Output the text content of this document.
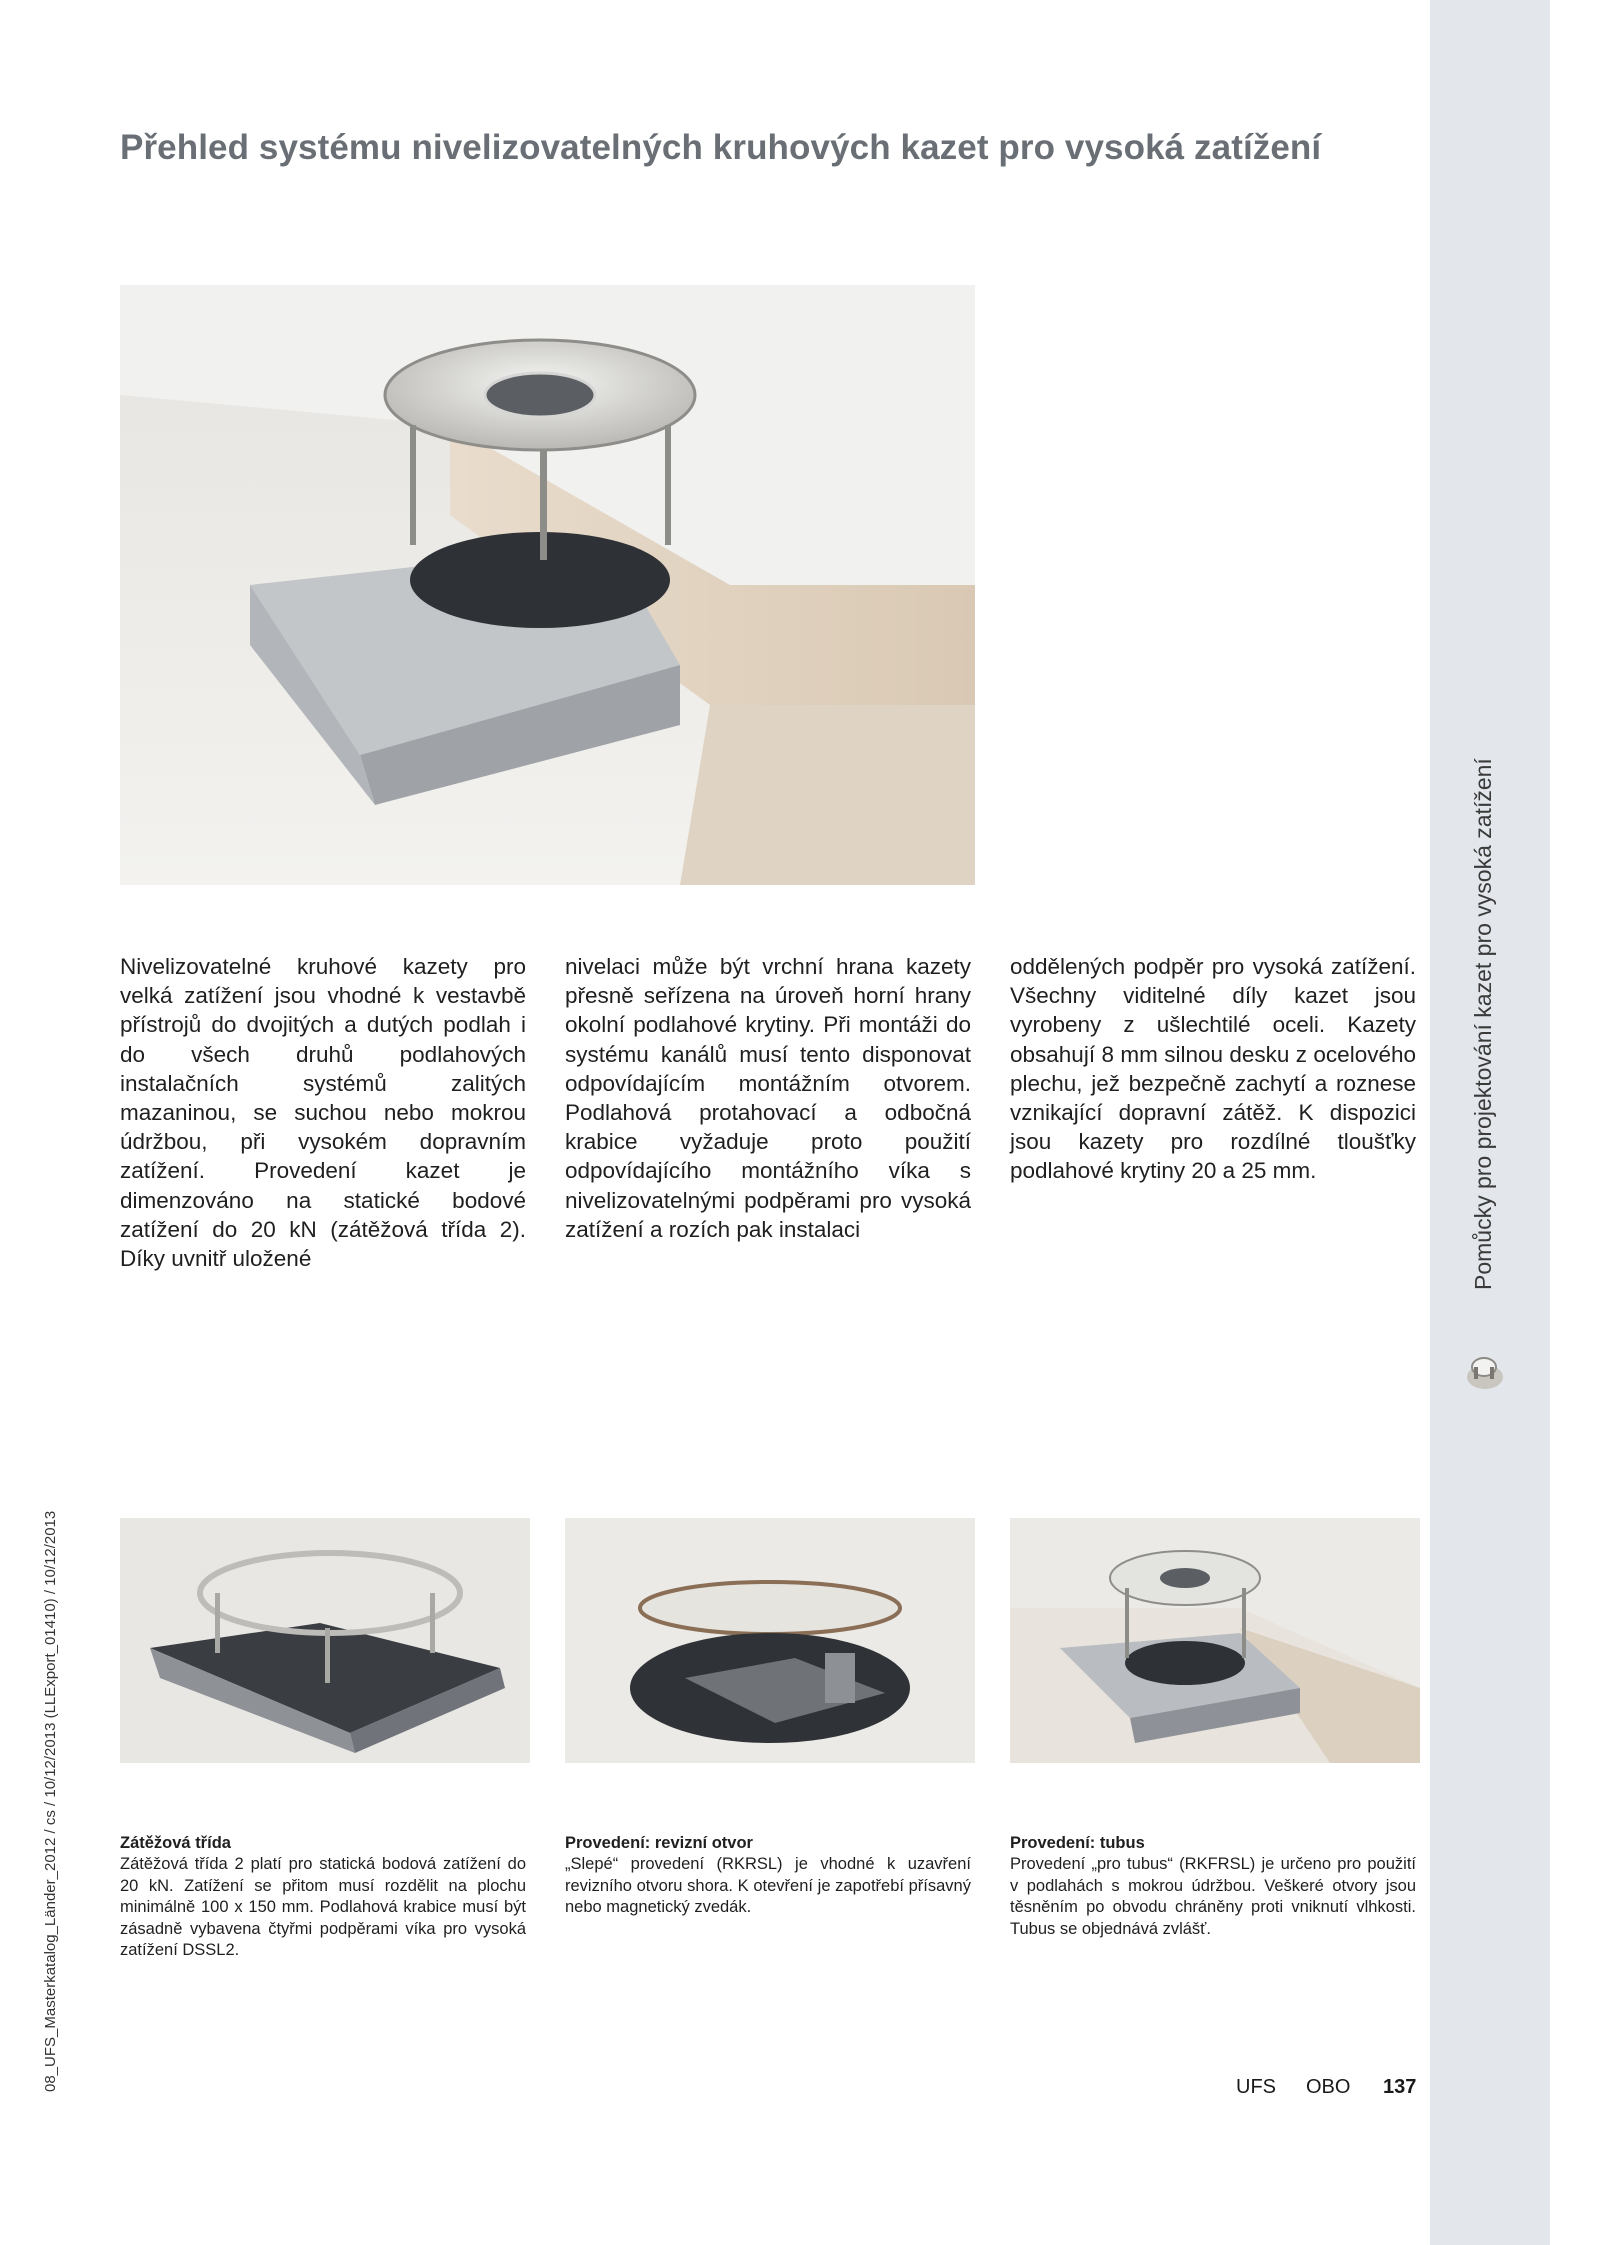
Pomůcky pro projektování kazet pro vysoká zatížení
08_UFS_Masterkatalog_Länder_2012 / cs / 10/12/2013 (LLExport_01410) / 10/12/2013
Přehled systému nivelizovatelných kruhových kazet pro vysoká zatížení
Nivelizovatelné kruhové kazety pro velká zatížení jsou vhodné k vestavbě přístrojů do dvojitých a dutých podlah i do všech druhů podlahových instalačních systémů zalitých mazaninou, se suchou nebo mokrou údržbou, při vysokém dopravním zatížení. Provedení kazet je dimenzováno na statické bodové zatížení do 20 kN (zátěžová třída 2). Díky uvnitř uložené
nivelaci může být vrchní hrana kazety přesně seřízena na úroveň horní hrany okolní podlahové krytiny. Při montáži do systému kanálů musí tento disponovat odpovídajícím montážním otvorem. Podlahová protahovací a odbočná krabice vyžaduje proto použití odpovídajícího montážního víka s nivelizovatelnými podpěrami pro vysoká zatížení a rozích pak instalaci
oddělených podpěr pro vysoká zatížení. Všechny viditelné díly kazet jsou vyrobeny z ušlechtilé oceli. Kazety obsahují 8 mm silnou desku z ocelového plechu, jež bezpečně zachytí a roznese vznikající dopravní zátěž. K dispozici jsou kazety pro rozdílné tloušťky podlahové krytiny 20 a 25 mm.
Zátěžová třída
Zátěžová třída 2 platí pro statická bodová zatížení do 20 kN. Zatížení se přitom musí rozdělit na plochu minimálně 100 x 150 mm. Podlahová krabice musí být zásadně vybavena čtyřmi podpěrami víka pro vysoká zatížení DSSL2.
Provedení: revizní otvor
„Slepé“ provedení (RKRSL) je vhodné k uzavření revizního otvoru shora. K otevření je zapotřebí přísavný nebo magnetický zvedák.
Provedení: tubus
Provedení „pro tubus“ (RKFRSL) je určeno pro použití v podlahách s mokrou údržbou. Veškeré otvory jsou těsněním po obvodu chráněny proti vniknutí vlhkosti. Tubus se objednává zvlášť.
UFS OBO 137
